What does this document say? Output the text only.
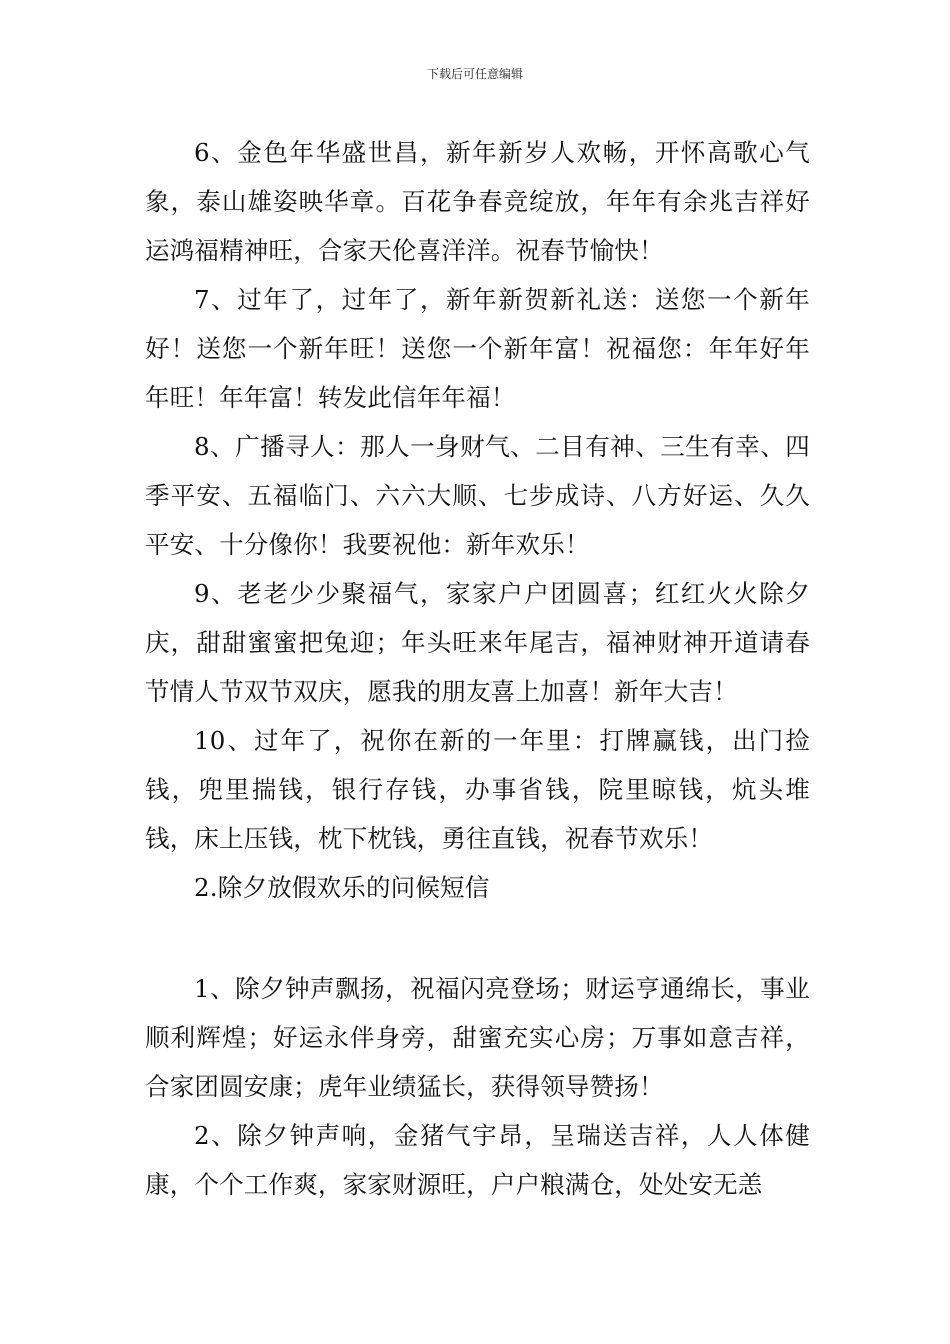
下载后可任意编辑

6、金色年华盛世昌，新年新岁人欢畅，开怀高歌心气象，泰山雄姿映华章。百花争春竞绽放，年年有余兆吉祥好运鸿福精神旺，合家天伦喜洋洋。祝春节愉快！

7、过年了，过年了，新年新贺新礼送：送您一个新年好！送您一个新年旺！送您一个新年富！祝福您：年年好年年旺！年年富！转发此信年年福！

8、广播寻人：那人一身财气、二目有神、三生有幸、四季平安、五福临门、六六大顺、七步成诗、八方好运、久久平安、十分像你！我要祝他：新年欢乐！

9、老老少少聚福气，家家户户团圆喜；红红火火除夕庆，甜甜蜜蜜把兔迎；年头旺来年尾吉，福神财神开道请春节情人节双节双庆，愿我的朋友喜上加喜！新年大吉！

10、过年了，祝你在新的一年里：打牌赢钱，出门捡钱，兜里揣钱，银行存钱，办事省钱，院里晾钱，炕头堆钱，床上压钱，枕下枕钱，勇往直钱，祝春节欢乐！

2.除夕放假欢乐的问候短信

1、除夕钟声飘扬，祝福闪亮登场；财运亨通绵长，事业顺利辉煌；好运永伴身旁，甜蜜充实心房；万事如意吉祥，合家团圆安康；虎年业绩猛长，获得领导赞扬！

2、除夕钟声响，金猪气宇昂，呈瑞送吉祥，人人体健康，个个工作爽，家家财源旺，户户粮满仓，处处安无恙
